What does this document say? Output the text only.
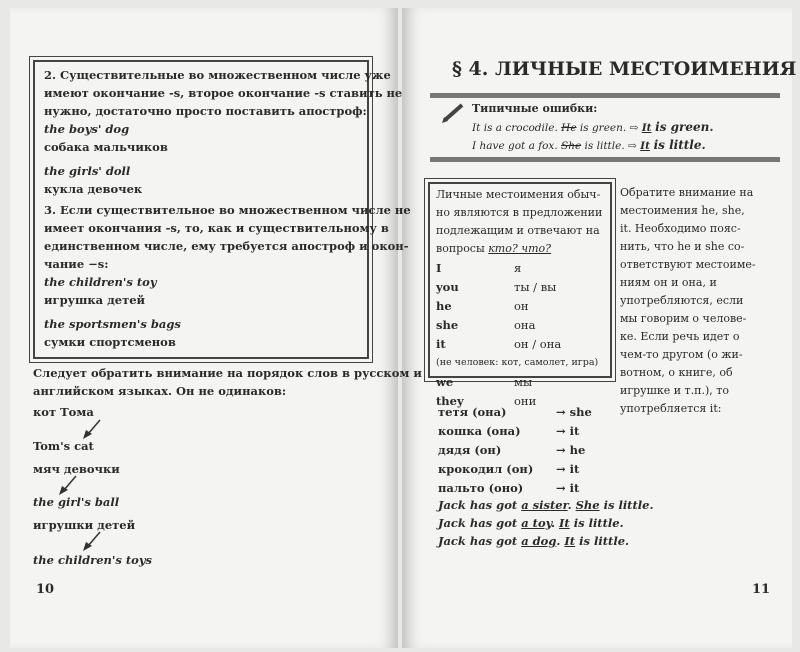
2. Существительные во множественном числе уже
имеют окончание -s, второе окончание -s ставить не
нужно, достаточно просто поставить апостроф:
the boys' dog
собака мальчиков
the girls' doll
кукла девочек
3. Если существительное во множественном числе не
имеет окончания -s, то, как и существительному в
единственном числе, ему требуется апостроф и окон-
чание −s:
the children's toy
игрушка детей
the sportsmen's bags
сумки спортсменов
Следует обратить внимание на порядок слов в русском и
английском языках. Он не одинаков:
кот Тома
Tom's cat
мяч девочки
the girl's ball
игрушки детей
the children's toys
10
§ 4. ЛИЧНЫЕ МЕСТОИМЕНИЯ
Типичные ошибки:
It is a crocodile. He is green. ⇨ It is green.
I have got a fox. She is little. ⇨ It is little.
Личные местоимения обыч-
но являются в предложении
подлежащим и отвечают на
вопросы кто? что?
I	я
you	ты / вы
he	он
she	она
it	он / она
(не человек: кот, самолет, игра)	
we	мы
they	они
Обратите внимание на
местоимения he, she,
it. Необходимо пояс-
нить, что he и she со-
ответствуют местоиме-
ниям он и она, и
употребляются, если
мы говорим о челове-
ке. Если речь идет о
чем-то другом (о жи-
вотном, о книге, об
игрушке и т.п.), то
употребляется it:
тетя (она)	→ she
кошка (она)	→ it
дядя (он)	→ he
крокодил (он)	→ it
пальто (оно)	→ it
Jack has got a sister. She is little.
Jack has got a toy. It is little.
Jack has got a dog. It is little.
11
